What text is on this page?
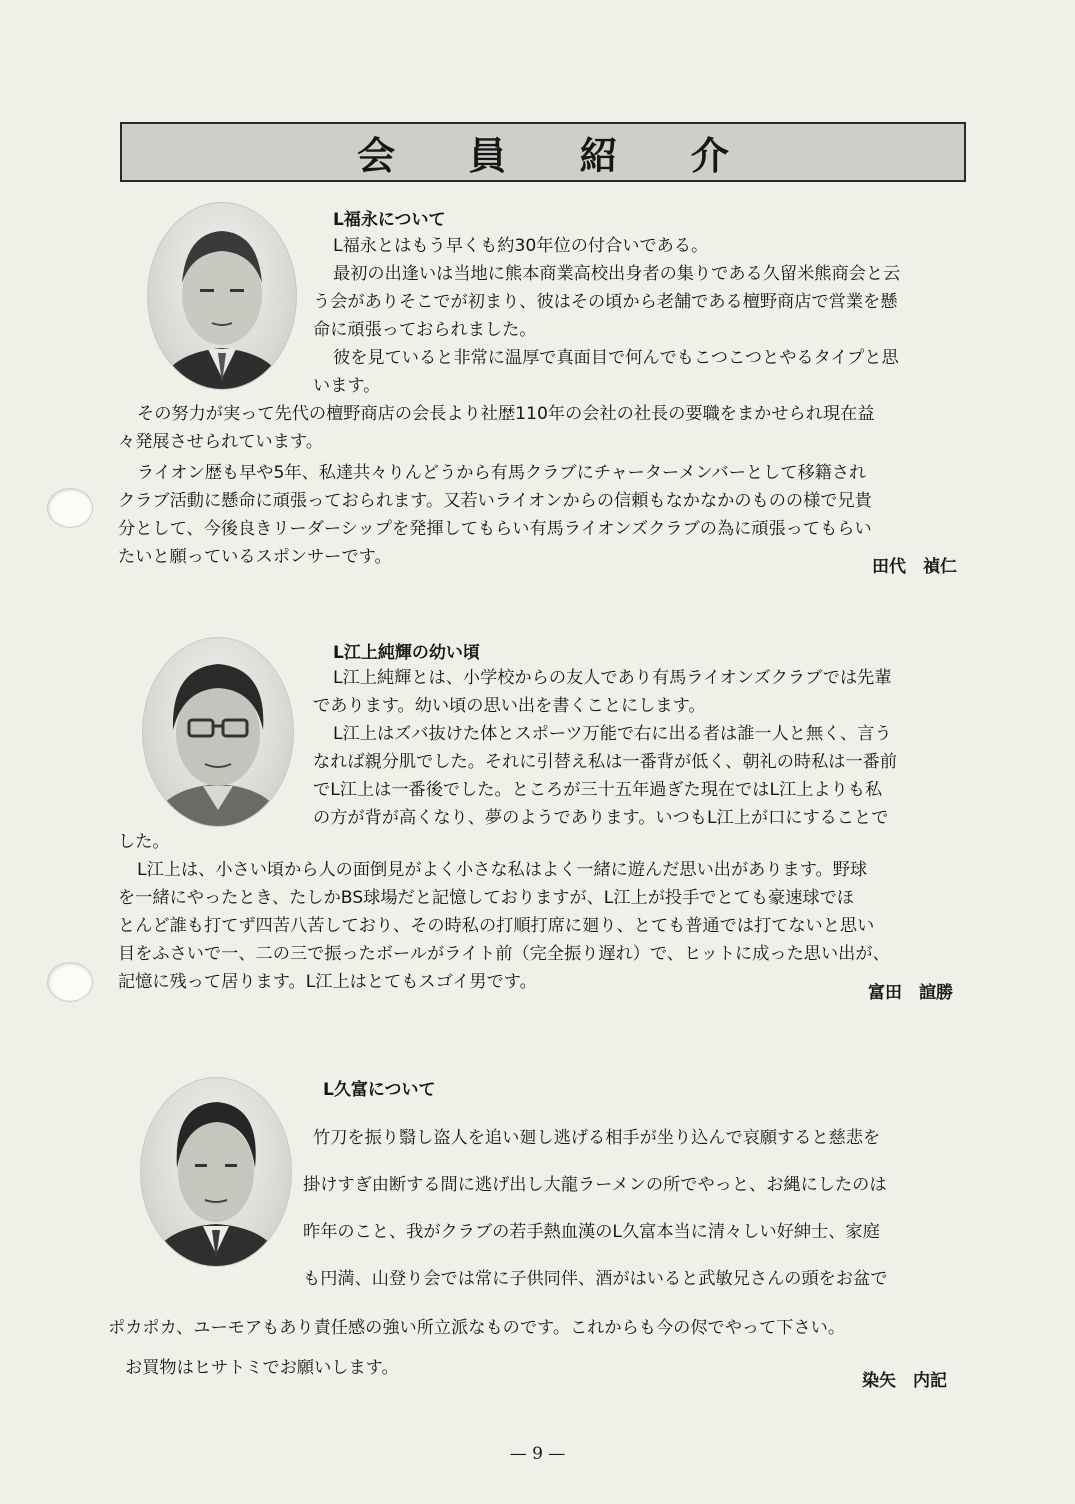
会 員 紹 介
L福永について
L福永とはもう早くも約30年位の付合いである。
最初の出逢いは当地に熊本商業高校出身者の集りである久留米熊商会と云
う会がありそこでが初まり、彼はその頃から老舗である檀野商店で営業を懸
命に頑張っておられました。
彼を見ていると非常に温厚で真面目で何んでもこつこつとやるタイプと思
います。
その努力が実って先代の檀野商店の会長より社歴110年の会社の社長の要職をまかせられ現在益
々発展させられています。
ライオン歴も早や5年、私達共々りんどうから有馬クラブにチャーターメンバーとして移籍され
クラブ活動に懸命に頑張っておられます。又若いライオンからの信頼もなかなかのものの様で兄貴
分として、今後良きリーダーシップを発揮してもらい有馬ライオンズクラブの為に頑張ってもらい
たいと願っているスポンサーです。	田代　禎仁
L江上純輝の幼い頃
L江上純輝とは、小学校からの友人であり有馬ライオンズクラブでは先輩
であります。幼い頃の思い出を書くことにします。
L江上はズバ抜けた体とスポーツ万能で右に出る者は誰一人と無く、言う
なれば親分肌でした。それに引替え私は一番背が低く、朝礼の時私は一番前
でL江上は一番後でした。ところが三十五年過ぎた現在ではL江上よりも私
の方が背が高くなり、夢のようであります。いつもL江上が口にすることで
した。
L江上は、小さい頃から人の面倒見がよく小さな私はよく一緒に遊んだ思い出があります。野球
を一緒にやったとき、たしかBS球場だと記憶しておりますが、L江上が投手でとても豪速球でほ
とんど誰も打てず四苦八苦しており、その時私の打順打席に廻り、とても普通では打てないと思い
目をふさいで一、二の三で振ったボールがライト前（完全振り遅れ）で、ヒットに成った思い出が、
記憶に残って居ります。L江上はとてもスゴイ男です。
富田　諠勝
L久富について
竹刀を振り翳し盗人を追い廻し逃げる相手が坐り込んで哀願すると慈悲を
掛けすぎ由断する間に逃げ出し大龍ラーメンの所でやっと、お縄にしたのは
昨年のこと、我がクラブの若手熱血漢のL久富本当に清々しい好紳士、家庭
も円満、山登り会では常に子供同伴、酒がはいると武敏兄さんの頭をお盆で
ポカポカ、ユーモアもあり責任感の強い所立派なものです。これからも今の侭でやって下さい。
お買物はヒサトミでお願いします。
染矢　内記
— 9 —
